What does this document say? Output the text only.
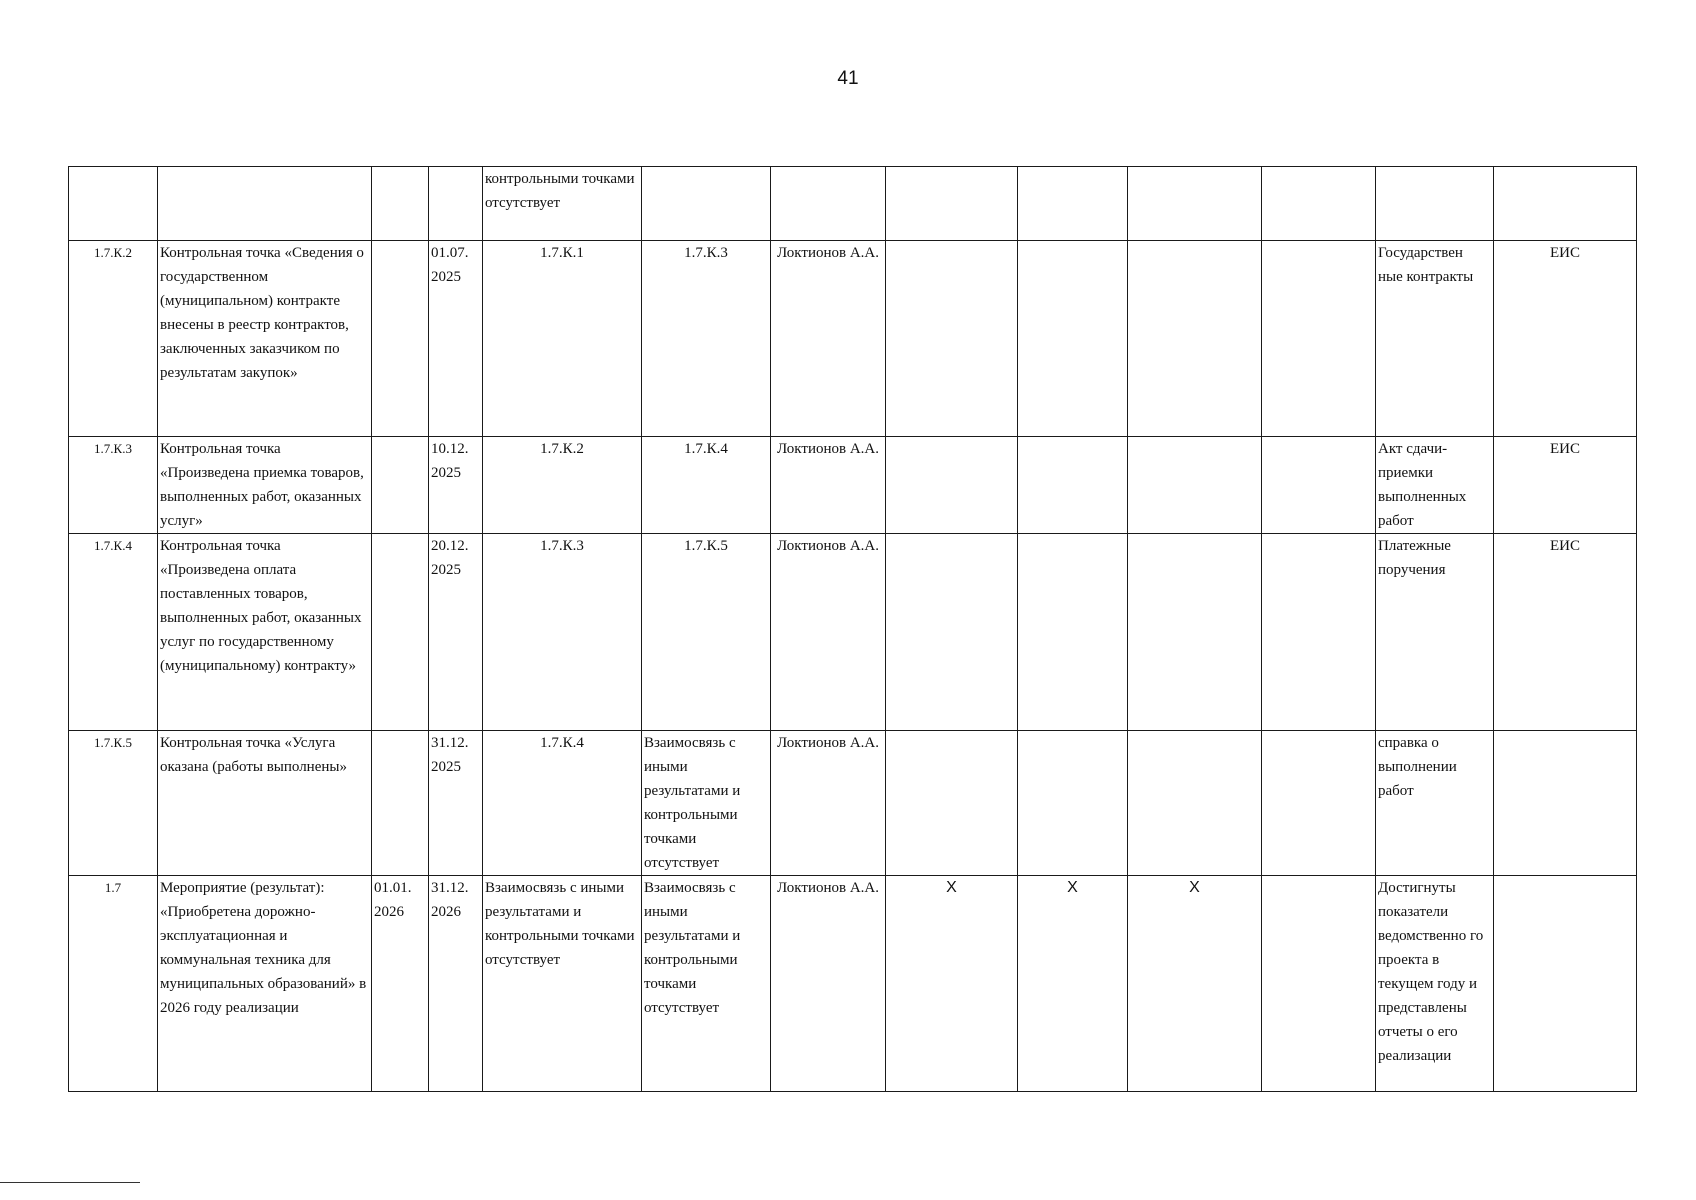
41
				контрольными точками отсутствует								
1.7.К.2	Контрольная точка «Сведения о государственном (муниципальном) контракте внесены в реестр контрактов, заключенных заказчиком по результатам закупок»		01.07. 2025	1.7.К.1	1.7.К.3	Локтионов А.А.					Государствен ные контракты	ЕИС
1.7.К.3	Контрольная точка «Произведена приемка товаров, выполненных работ, оказанных услуг»		10.12. 2025	1.7.К.2	1.7.К.4	Локтионов А.А.					Акт сдачи-приемки выполненных работ	ЕИС
1.7.К.4	Контрольная точка «Произведена оплата поставленных товаров, выполненных работ, оказанных услуг по государственному (муниципальному) контракту»		20.12. 2025	1.7.К.3	1.7.К.5	Локтионов А.А.					Платежные поручения	ЕИС
1.7.К.5	Контрольная точка «Услуга оказана (работы выполнены»		31.12. 2025	1.7.К.4	Взаимосвязь с иными результатами и контрольными точками отсутствует	Локтионов А.А.					справка о выполнении работ	
1.7	Мероприятие (результат): «Приобретена дорожно-эксплуатационная и коммунальная техника для муниципальных образований» в 2026 году реализации	01.01. 2026	31.12. 2026	Взаимосвязь с иными результатами и контрольными точками отсутствует	Взаимосвязь с иными результатами и контрольными точками отсутствует	Локтионов А.А.	Х	Х	Х		Достигнуты показатели ведомственно го проекта в текущем году и представлены отчеты о его реализации	
